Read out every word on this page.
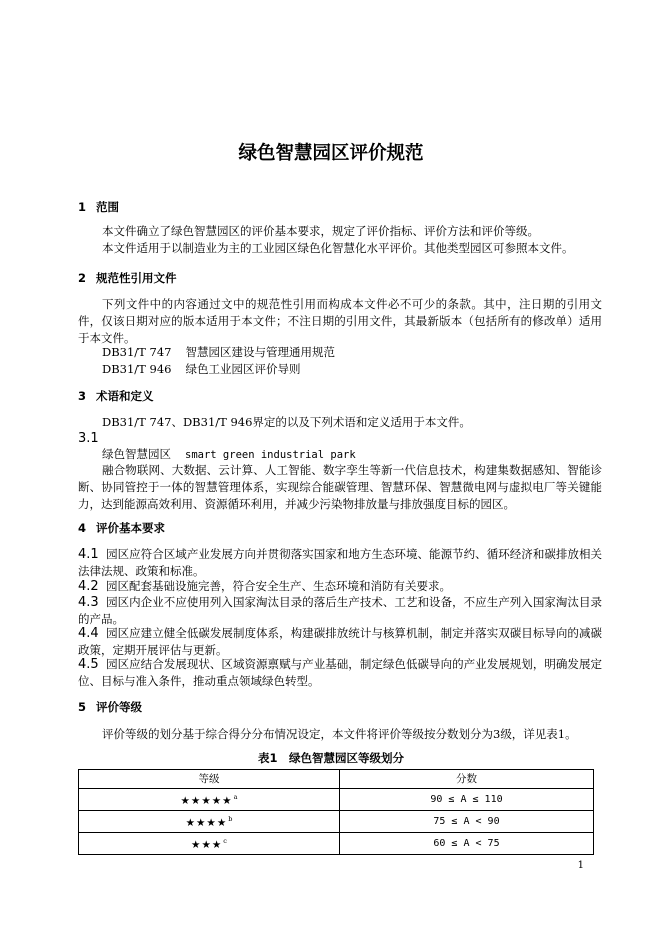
绿色智慧园区评价规范
1 范围
本文件确立了绿色智慧园区的评价基本要求，规定了评价指标、评价方法和评价等级。
本文件适用于以制造业为主的工业园区绿色化智慧化水平评价。其他类型园区可参照本文件。
2 规范性引用文件
下列文件中的内容通过文中的规范性引用而构成本文件必不可少的条款。其中，注日期的引用文件，仅该日期对应的版本适用于本文件；不注日期的引用文件，其最新版本（包括所有的修改单）适用于本文件。
DB31/T 747 智慧园区建设与管理通用规范
DB31/T 946 绿色工业园区评价导则
3 术语和定义
DB31/T 747、DB31/T 946界定的以及下列术语和定义适用于本文件。
3.1
绿色智慧园区 smart green industrial park
融合物联网、大数据、云计算、人工智能、数字孪生等新一代信息技术，构建集数据感知、智能诊断、协同管控于一体的智慧管理体系，实现综合能碳管理、智慧环保、智慧微电网与虚拟电厂等关键能力，达到能源高效利用、资源循环利用，并减少污染物排放量与排放强度目标的园区。
4 评价基本要求
4.1 园区应符合区域产业发展方向并贯彻落实国家和地方生态环境、能源节约、循环经济和碳排放相关法律法规、政策和标准。
4.2 园区配套基础设施完善，符合安全生产、生态环境和消防有关要求。
4.3 园区内企业不应使用列入国家淘汰目录的落后生产技术、工艺和设备，不应生产列入国家淘汰目录的产品。
4.4 园区应建立健全低碳发展制度体系，构建碳排放统计与核算机制，制定并落实双碳目标导向的减碳政策，定期开展评估与更新。
4.5 园区应结合发展现状、区域资源禀赋与产业基础，制定绿色低碳导向的产业发展规划，明确发展定位、目标与准入条件，推动重点领域绿色转型。
5 评价等级
评价等级的划分基于综合得分分布情况设定，本文件将评价等级按分数划分为3级，详见表1。
表1　绿色智慧园区等级划分
等级	分数
★★★★★$^a$	90 ≤ A ≤ 110
★★★★$^b$	75 ≤ A < 90
★★★$^c$	60 ≤ A < 75
1
